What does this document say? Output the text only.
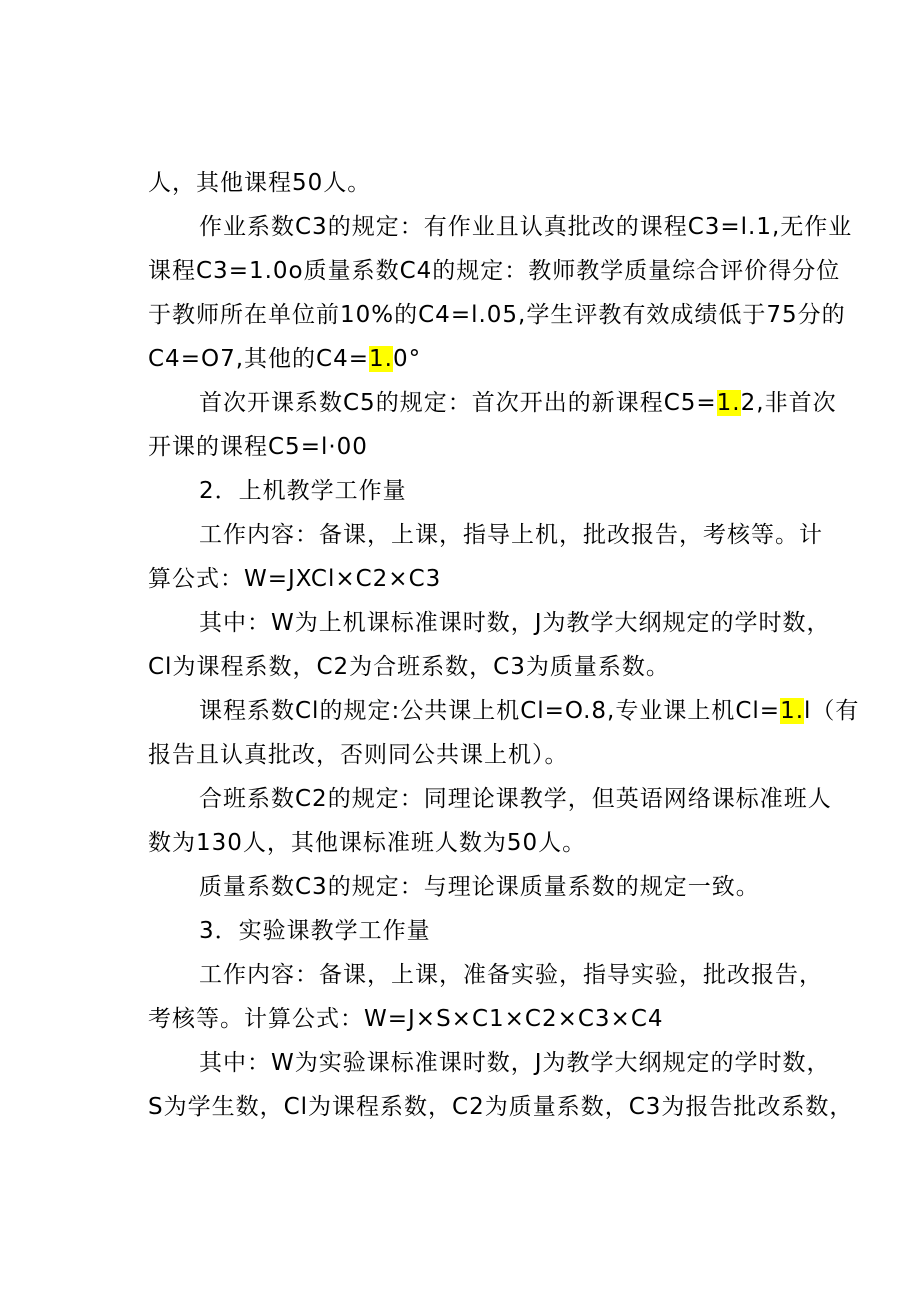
人，其他课程50人。
作业系数C3的规定：有作业且认真批改的课程C3=l.1,无作业
课程C3=1.0o质量系数C4的规定：教师教学质量综合评价得分位
于教师所在单位前10%的C4=l.05,学生评教有效成绩低于75分的
C4=O7,其他的C4=1.0°
首次开课系数C5的规定：首次开出的新课程C5=1.2,非首次
开课的课程C5=l·00
2．上机教学工作量
工作内容：备课，上课，指导上机，批改报告，考核等。计
算公式：W=JXCl×C2×C3
其中：W为上机课标准课时数，J为教学大纲规定的学时数，
Cl为课程系数，C2为合班系数，C3为质量系数。
课程系数Cl的规定:公共课上机Cl=O.8,专业课上机Cl=1.l（有
报告且认真批改，否则同公共课上机）。
合班系数C2的规定：同理论课教学，但英语网络课标准班人
数为130人，其他课标准班人数为50人。
质量系数C3的规定：与理论课质量系数的规定一致。
3．实验课教学工作量
工作内容：备课，上课，准备实验，指导实验，批改报告，
考核等。计算公式：W=J×S×C1×C2×C3×C4
其中：W为实验课标准课时数，J为教学大纲规定的学时数，
S为学生数，Cl为课程系数，C2为质量系数，C3为报告批改系数，
